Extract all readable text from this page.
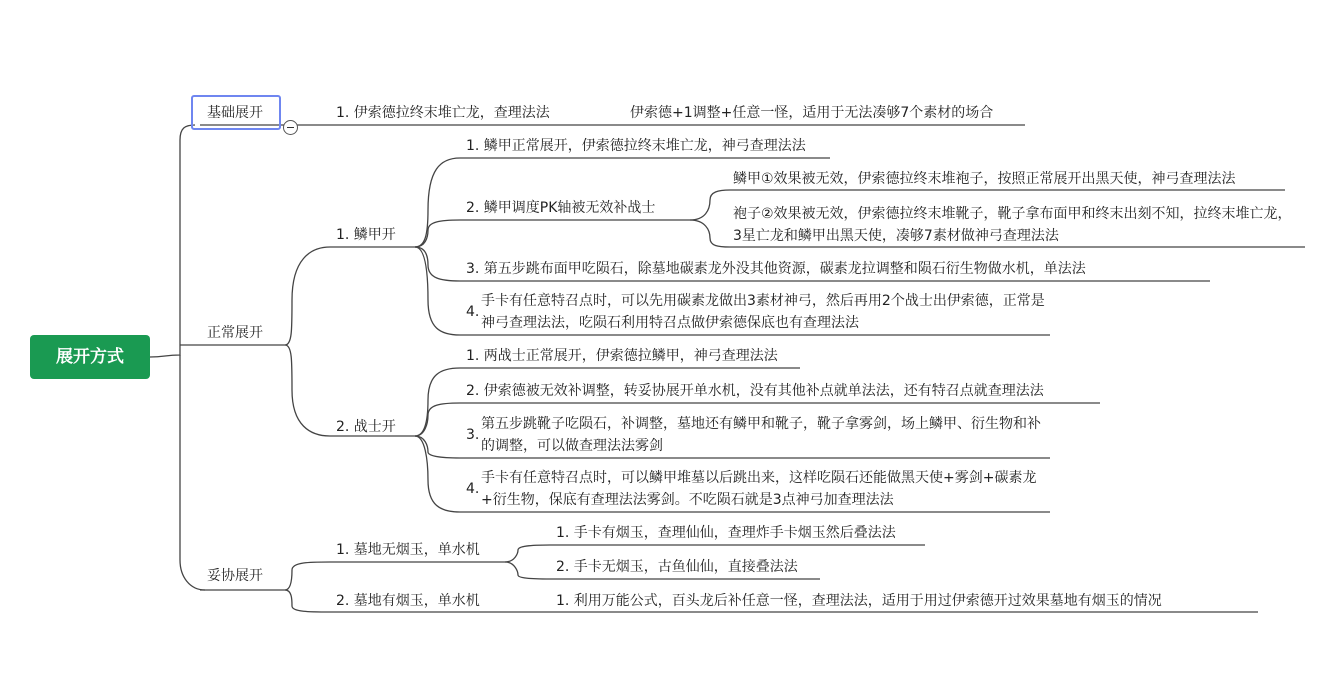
展开方式
基础展开	1. 伊索德拉终末堆亡龙，查理法法	伊索德+1调整+任意一怪，适用于无法凑够7个素材的场合
正常展开
1. 鳞甲开
1. 鳞甲正常展开，伊索德拉终末堆亡龙，神弓查理法法
2. 鳞甲调度PK轴被无效补战士
鳞甲①效果被无效，伊索德拉终末堆袍子，按照正常展开出黑天使，神弓查理法法
袍子②效果被无效，伊索德拉终末堆靴子，靴子拿布面甲和终末出刻不知，拉终末堆亡龙，3星亡龙和鳞甲出黑天使，凑够7素材做神弓查理法法
3. 第五步跳布面甲吃陨石，除墓地碳素龙外没其他资源，碳素龙拉调整和陨石衍生物做水机，单法法
4.
手卡有任意特召点时，可以先用碳素龙做出3素材神弓，然后再用2个战士出伊索德，正常是神弓查理法法，吃陨石利用特召点做伊索德保底也有查理法法
2. 战士开
1. 两战士正常展开，伊索德拉鳞甲，神弓查理法法
2. 伊索德被无效补调整，转妥协展开单水机，没有其他补点就单法法，还有特召点就查理法法
3.
第五步跳靴子吃陨石，补调整，墓地还有鳞甲和靴子，靴子拿雾剑，场上鳞甲、衍生物和补的调整，可以做查理法法雾剑
4.
手卡有任意特召点时，可以鳞甲堆墓以后跳出来，这样吃陨石还能做黑天使+雾剑+碳素龙+衍生物，保底有查理法法雾剑。不吃陨石就是3点神弓加查理法法
妥协展开
1. 墓地无烟玉，单水机
1. 手卡有烟玉，查理仙仙，查理炸手卡烟玉然后叠法法
2. 手卡无烟玉，古鱼仙仙，直接叠法法
2. 墓地有烟玉，单水机	1. 利用万能公式，百头龙后补任意一怪，查理法法，适用于用过伊索德开过效果墓地有烟玉的情况
